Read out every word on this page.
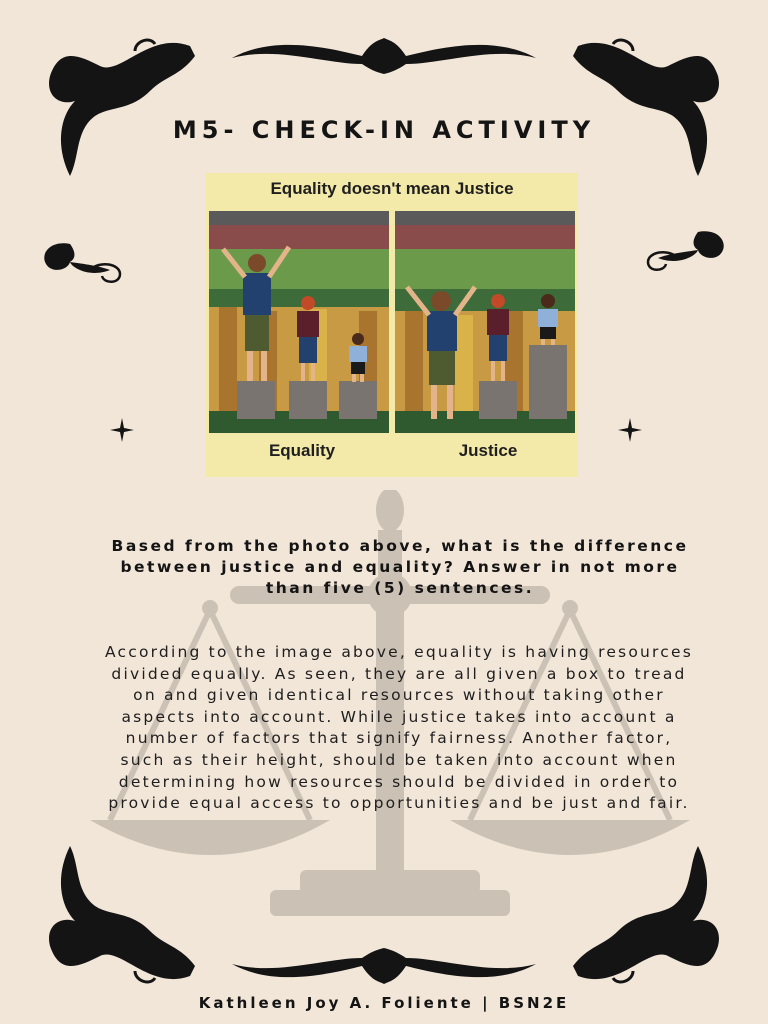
M5- CHECK-IN ACTIVITY
Equality doesn't mean Justice
Equality	Justice
Based from the photo above, what is the difference between justice and equality? Answer in not more than five (5) sentences.
According to the image above, equality is having resources divided equally. As seen, they are all given a box to tread on and given identical resources without taking other aspects into account. While justice takes into account a number of factors that signify fairness. Another factor, such as their height, should be taken into account when determining how resources should be divided in order to provide equal access to opportunities and be just and fair.
Kathleen Joy A. Foliente | BSN2E
